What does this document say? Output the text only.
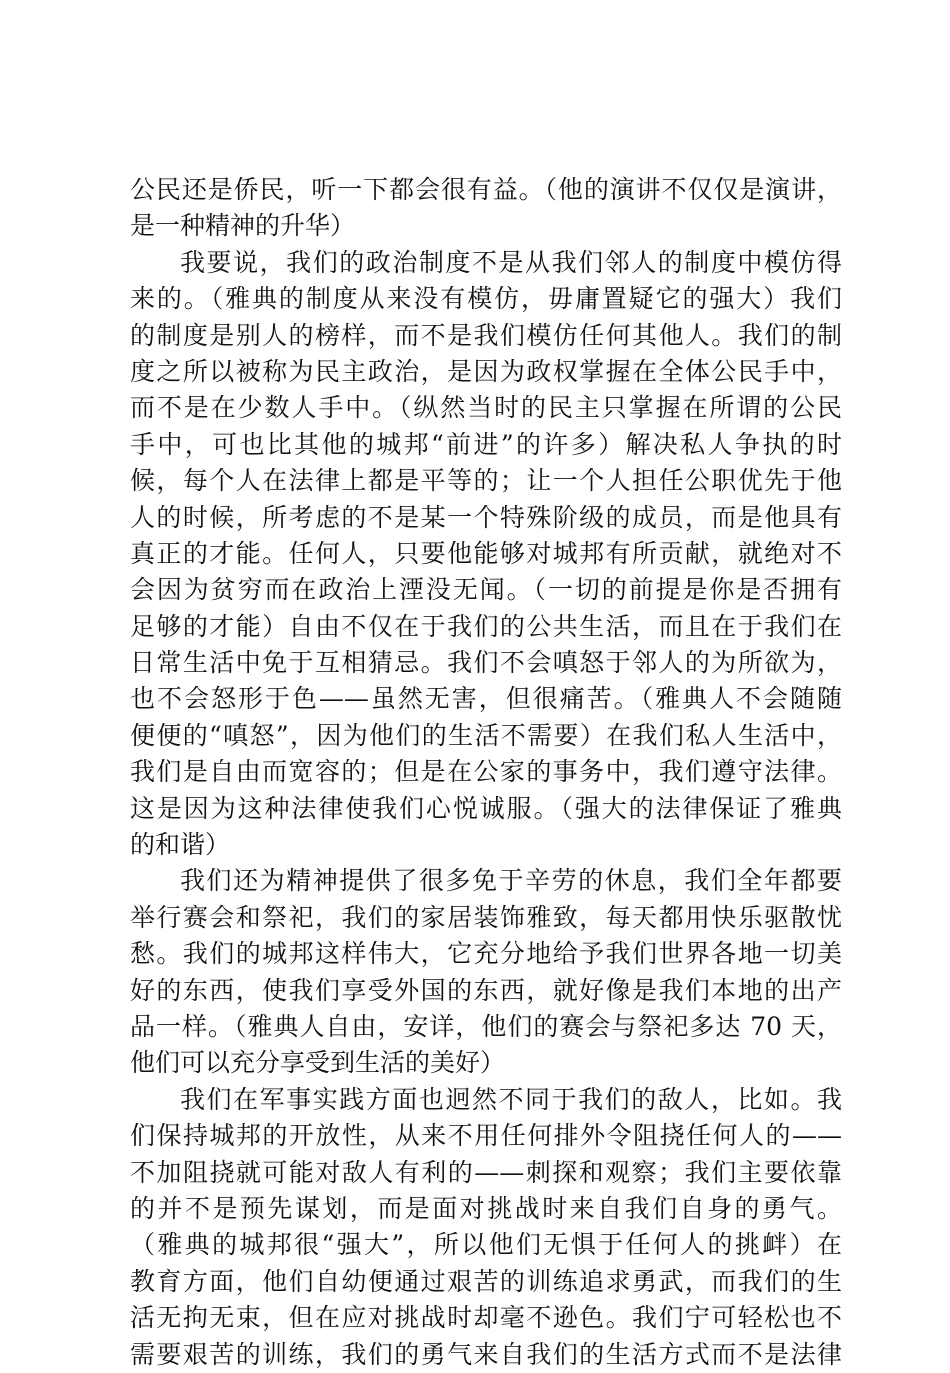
公民还是侨民，听一下都会很有益。（他的演讲不仅仅是演讲，
是一种精神的升华）
我要说，我们的政治制度不是从我们邻人的制度中模仿得
来的。（雅典的制度从来没有模仿，毋庸置疑它的强大）我们
的制度是别人的榜样，而不是我们模仿任何其他人。我们的制
度之所以被称为民主政治，是因为政权掌握在全体公民手中，
而不是在少数人手中。（纵然当时的民主只掌握在所谓的公民
手中，可也比其他的城邦“前进”的许多）解决私人争执的时
候，每个人在法律上都是平等的；让一个人担任公职优先于他
人的时候，所考虑的不是某一个特殊阶级的成员，而是他具有
真正的才能。任何人，只要他能够对城邦有所贡献，就绝对不
会因为贫穷而在政治上湮没无闻。（一切的前提是你是否拥有
足够的才能）自由不仅在于我们的公共生活，而且在于我们在
日常生活中免于互相猜忌。我们不会嗔怒于邻人的为所欲为，
也不会怒形于色——虽然无害，但很痛苦。（雅典人不会随随
便便的“嗔怒”，因为他们的生活不需要）在我们私人生活中，
我们是自由而宽容的；但是在公家的事务中，我们遵守法律。
这是因为这种法律使我们心悦诚服。（强大的法律保证了雅典
的和谐）
我们还为精神提供了很多免于辛劳的休息，我们全年都要
举行赛会和祭祀，我们的家居装饰雅致，每天都用快乐驱散忧
愁。我们的城邦这样伟大，它充分地给予我们世界各地一切美
好的东西，使我们享受外国的东西，就好像是我们本地的出产
品一样。（雅典人自由，安详，他们的赛会与祭祀多达 70 天，
他们可以充分享受到生活的美好）
我们在军事实践方面也迥然不同于我们的敌人，比如。我
们保持城邦的开放性，从来不用任何排外令阻挠任何人的——
不加阻挠就可能对敌人有利的——刺探和观察；我们主要依靠
的并不是预先谋划，而是面对挑战时来自我们自身的勇气。
（雅典的城邦很“强大”，所以他们无惧于任何人的挑衅）在
教育方面，他们自幼便通过艰苦的训练追求勇武，而我们的生
活无拘无束，但在应对挑战时却毫不逊色。我们宁可轻松也不
需要艰苦的训练，我们的勇气来自我们的生活方式而不是法律
